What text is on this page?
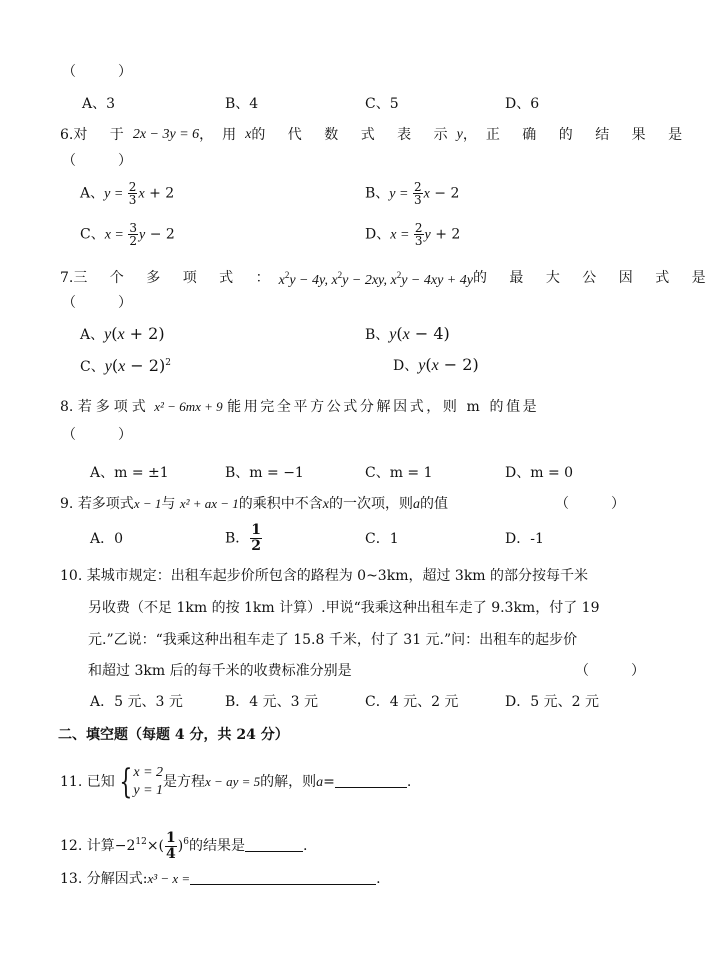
（　　　）
A、3	B、4	C、5	D、6
6. 对 于 2x − 3y = 6 ，用 x 的 代 数 式 表 示 y ，正 确 的 结 果 是
（　　　）
A、$y = \frac{2}{3}$ x + 2	B、$y = \frac{2}{3}$ x − 2
C、$x = \frac{3}{2}$ y − 2	D、$x = \frac{2}{3}$ y + 2
7. 三 个 多 项 式 ： $x^2y - 4y$, $x^2y - 2xy$, $x^2y - 4xy + 4y$ 的 最 大 公 因 式 是
（　　　）
A、y(x + 2)	B、y(x − 4)
C、$y(x - 2)^2$	D、y(x − 2)
8. 若多项式 x² − 6mx + 9 能用完全平方公式分解因式，则 m 的值是
（　　　）
A、m = ±1	B、m = −1	C、m = 1	D、m = 0
9. 若多项式x − 1与 x² + ax − 1的乘积中不含x的一次项，则a的值	（　　　）
A．0	B． $\frac{1}{2}$	C．1	D．-1
10. 某城市规定：出租车起步价所包含的路程为 0~3km，超过 3km 的部分按每千米
另收费（不足 1km 的按 1km 计算）.甲说“我乘这种出租车走了 9.3km，付了 19
元.”乙说：“我乘这种出租车走了 15.8 千米，付了 31 元.”问：出租车的起步价
和超过 3km 后的每千米的收费标准分别是	（　　　）
A．5 元、3 元	B．4 元、3 元	C．4 元、2 元	D．5 元、2 元
二、填空题（每题 4 分，共 24 分）
11. 已知 { x = 2
y = 1
是方程x − ay = 5的解，则a=	.
12. 计算$-2^{12}\times( \frac{1}{4} )^6$的结果是	.
13. 分解因式:x³ − x =	.
